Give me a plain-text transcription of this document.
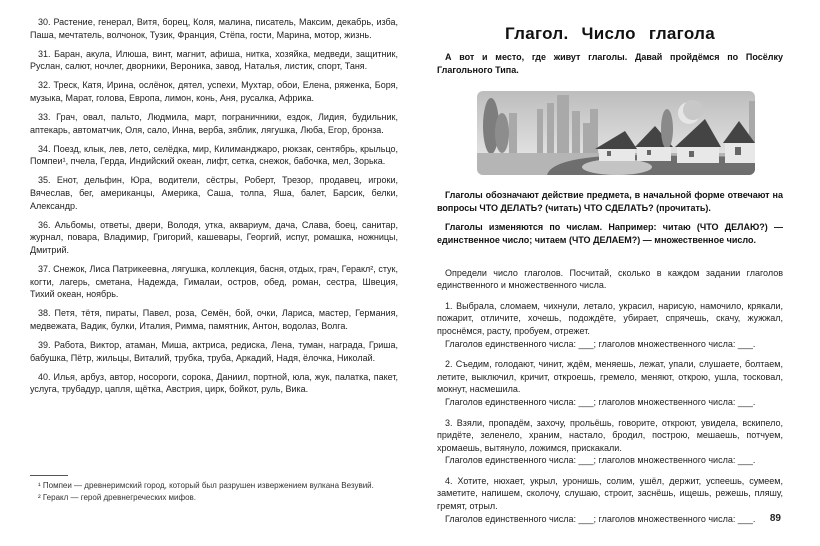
30. Растение, генерал, Витя, борец, Коля, малина, писатель, Максим, декабрь, изба, Паша, мечтатель, волчонок, Тузик, Франция, Стёпа, гости, Марина, мотор, жизнь.

31. Баран, акула, Илюша, винт, магнит, афиша, нитка, хозяйка, медведи, защитник, Руслан, салют, ночлег, дворники, Вероника, завод, Наталья, листик, спорт, Таня.

32. Треск, Катя, Ирина, ослёнок, дятел, успехи, Мухтар, обои, Елена, ряженка, Боря, музыка, Марат, голова, Европа, лимон, конь, Аня, русалка, Африка.

33. Грач, овал, пальто, Людмила, март, пограничники, ездок, Лидия, будильник, аптекарь, автоматчик, Оля, сало, Инна, верба, зяблик, лягушка, Люба, Егор, бронза.

34. Поезд, клык, лев, лето, селёдка, мир, Килиманджаро, рюкзак, сентябрь, крыльцо, Помпеи¹, пчела, Герда, Индийский океан, лифт, сетка, снежок, бабочка, мел, Зорька.

35. Енот, дельфин, Юра, водители, сёстры, Роберт, Трезор, продавец, игроки, Вячеслав, бег, американцы, Америка, Саша, толпа, Яша, балет, Барсик, белки, Александр.

36. Альбомы, ответы, двери, Володя, утка, аквариум, дача, Слава, боец, санитар, журнал, повара, Владимир, Григорий, кашевары, Георгий, испуг, ромашка, ножницы, Дмитрий.

37. Снежок, Лиса Патрикеевна, лягушка, коллекция, басня, отдых, грач, Геракл², стук, когти, лагерь, сметана, Надежда, Гималаи, остров, обед, роман, сестра, Швеция, Тихий океан, ноябрь.

38. Петя, тётя, пираты, Павел, роза, Семён, бой, очки, Лариса, мастер, Германия, медвежата, Вадик, булки, Италия, Римма, памятник, Антон, водолаз, Волга.

39. Работа, Виктор, атаман, Миша, актриса, редиска, Лена, туман, награда, Гриша, бабушка, Пётр, жильцы, Виталий, трубка, труба, Аркадий, Надя, ёлочка, Николай.

40. Илья, арбуз, автор, носороги, сорока, Даниил, портной, юла, жук, палатка, пакет, услуга, трубадур, цапля, щётка, Австрия, цирк, бойкот, руль, Вика.

¹ Помпеи — древнеримский город, который был разрушен извержением вулкана Везувий.

² Геракл — герой древнегреческих мифов.

Глагол. Число глагола

А вот и место, где живут глаголы. Давай пройдёмся по Посёлку Глагольного Типа.

Глаголы обозначают действие предмета, в начальной форме отвечают на вопросы ЧТО ДЕЛАТЬ? (читать) ЧТО СДЕЛАТЬ? (прочитать).

Глаголы изменяются по числам. Например: читаю (ЧТО ДЕЛАЮ?) — единственное число; читаем (ЧТО ДЕЛАЕМ?) — множественное число.

Определи число глаголов. Посчитай, сколько в каждом задании глаголов единственного и множественного числа.

1. Выбрала, сломаем, чихнули, летало, украсил, нарисую, намочило, крякали, пожарит, отличите, хочешь, подождёте, убирает, спрячешь, скачу, жужжал, проснёмся, расту, пробуем, отрежет.

Глаголов единственного числа: ___; глаголов множественного числа: ___.

2. Съедим, голодают, чинит, ждём, меняешь, лежат, упали, слушаете, болтаем, летите, выключил, кричит, откроешь, гремело, меняют, открою, ушла, тосковал, мокнут, насмешила.

Глаголов единственного числа: ___; глаголов множественного числа: ___.

3. Взяли, пропадём, захочу, прольёшь, говорите, откроют, увидела, вскипело, придёте, зеленело, храним, настало, бродил, построю, мешаешь, потчуем, хромаешь, вытянуло, ложимся, прискакали.

Глаголов единственного числа: ___; глаголов множественного числа: ___.

4. Хотите, нюхает, укрыл, уронишь, солим, ушёл, держит, успеешь, сумеем, заметите, напишем, сколочу, слушаю, строит, заснёшь, ищешь, режешь, пляшу, гремят, отрыл.

Глаголов единственного числа: ___; глаголов множественного числа: ___.	89
